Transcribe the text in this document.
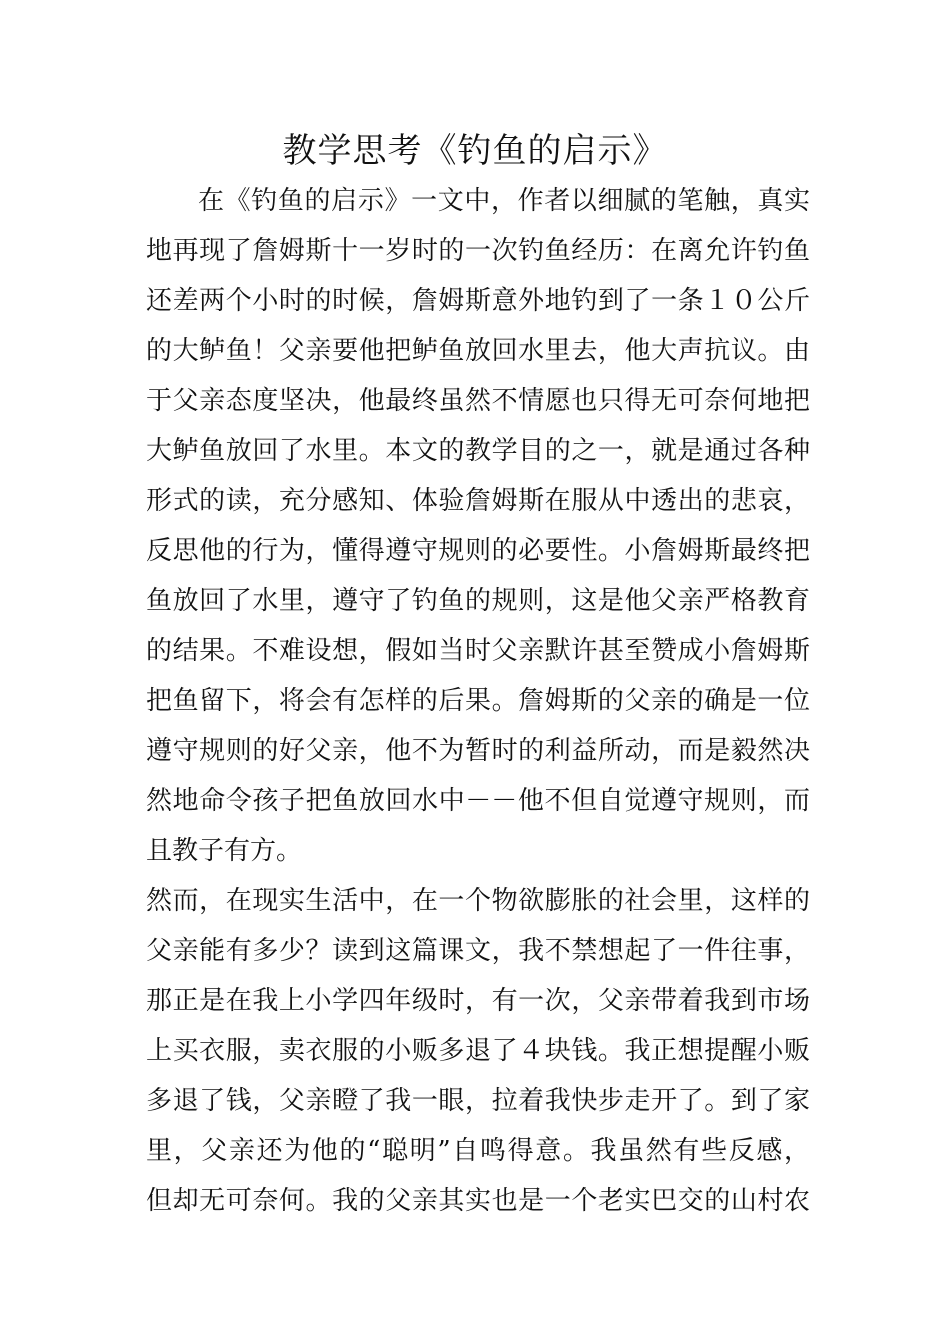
教学思考《钓鱼的启示》
在《钓鱼的启示》一文中，作者以细腻的笔触，真实
地再现了詹姆斯十一岁时的一次钓鱼经历：在离允许钓鱼
还差两个小时的时候，詹姆斯意外地钓到了一条１０公斤
的大鲈鱼！父亲要他把鲈鱼放回水里去，他大声抗议。由
于父亲态度坚决，他最终虽然不情愿也只得无可奈何地把
大鲈鱼放回了水里。本文的教学目的之一，就是通过各种
形式的读，充分感知、体验詹姆斯在服从中透出的悲哀，
反思他的行为，懂得遵守规则的必要性。小詹姆斯最终把
鱼放回了水里，遵守了钓鱼的规则，这是他父亲严格教育
的结果。不难设想，假如当时父亲默许甚至赞成小詹姆斯
把鱼留下，将会有怎样的后果。詹姆斯的父亲的确是一位
遵守规则的好父亲，他不为暂时的利益所动，而是毅然决
然地命令孩子把鱼放回水中－－他不但自觉遵守规则，而
且教子有方。
然而，在现实生活中，在一个物欲膨胀的社会里，这样的
父亲能有多少？读到这篇课文，我不禁想起了一件往事，
那正是在我上小学四年级时，有一次，父亲带着我到市场
上买衣服，卖衣服的小贩多退了４块钱。我正想提醒小贩
多退了钱，父亲瞪了我一眼，拉着我快步走开了。到了家
里，父亲还为他的“聪明”自鸣得意。我虽然有些反感，
但却无可奈何。我的父亲其实也是一个老实巴交的山村农
